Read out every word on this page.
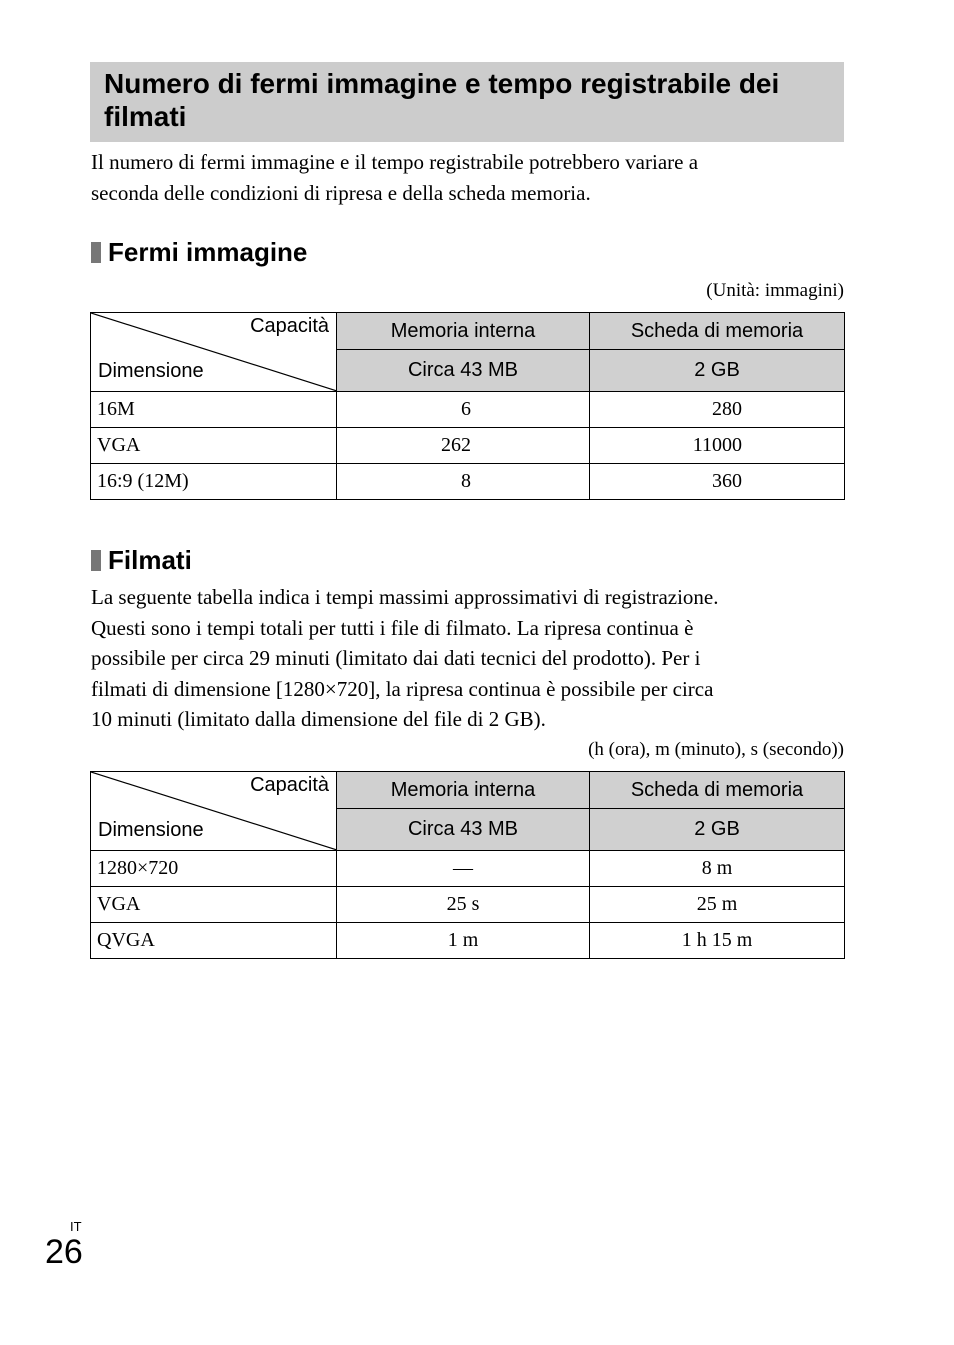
Numero di fermi immagine e tempo registrabile dei filmati

Il numero di fermi immagine e il tempo registrabile potrebbero variare a
seconda delle condizioni di ripresa e della scheda memoria.

Fermi immagine
(Unità: immagini)
Capacità
Dimensione	Memoria interna	Scheda di memoria
	Circa 43 MB	2 GB
16M	6	280
VGA	262	11000
16:9 (12M)	8	360
Filmati

La seguente tabella indica i tempi massimi approssimativi di registrazione.
Questi sono i tempi totali per tutti i file di filmato. La ripresa continua è
possibile per circa 29 minuti (limitato dai dati tecnici del prodotto). Per i
filmati di dimensione [1280×720], la ripresa continua è possibile per circa
10 minuti (limitato dalla dimensione del file di 2 GB).

(h (ora), m (minuto), s (secondo))
Capacità
Dimensione	Memoria interna	Scheda di memoria
	Circa 43 MB	2 GB
1280×720	—	8 m
VGA	25 s	25 m
QVGA	1 m	1 h 15 m
IT
26
